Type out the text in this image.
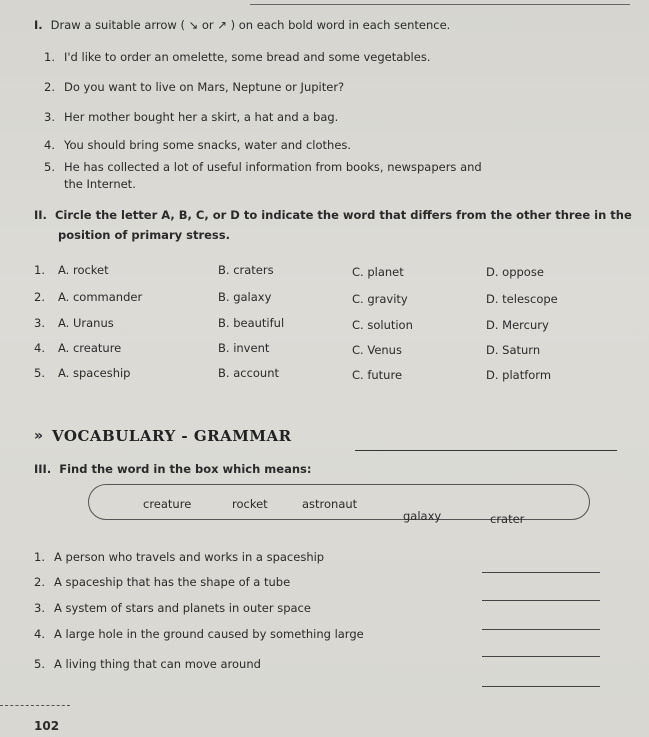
I. Draw a suitable arrow ( ↘ or ↗ ) on each bold word in each sentence.
1. I'd like to order an omelette, some bread and some vegetables.
2. Do you want to live on Mars, Neptune or Jupiter?
3. Her mother bought her a skirt, a hat and a bag.
4. You should bring some snacks, water and clothes.
5. He has collected a lot of useful information from books, newspapers and
the Internet.
II. Circle the letter A, B, C, or D to indicate the word that differs from the other three in the
position of primary stress.
1. A. rocket	B. craters	C. planet	D. oppose
2. A. commander	B. galaxy	C. gravity	D. telescope
3. A. Uranus	B. beautiful	C. solution	D. Mercury
4. A. creature	B. invent	C. Venus	D. Saturn
5. A. spaceship	B. account	C. future	D. platform
» VOCABULARY - GRAMMAR
III. Find the word in the box which means:
creature	rocket	astronaut
galaxy	crater
1. A person who travels and works in a spaceship
2. A spaceship that has the shape of a tube
3. A system of stars and planets in outer space
4. A large hole in the ground caused by something large
5. A living thing that can move around
102
